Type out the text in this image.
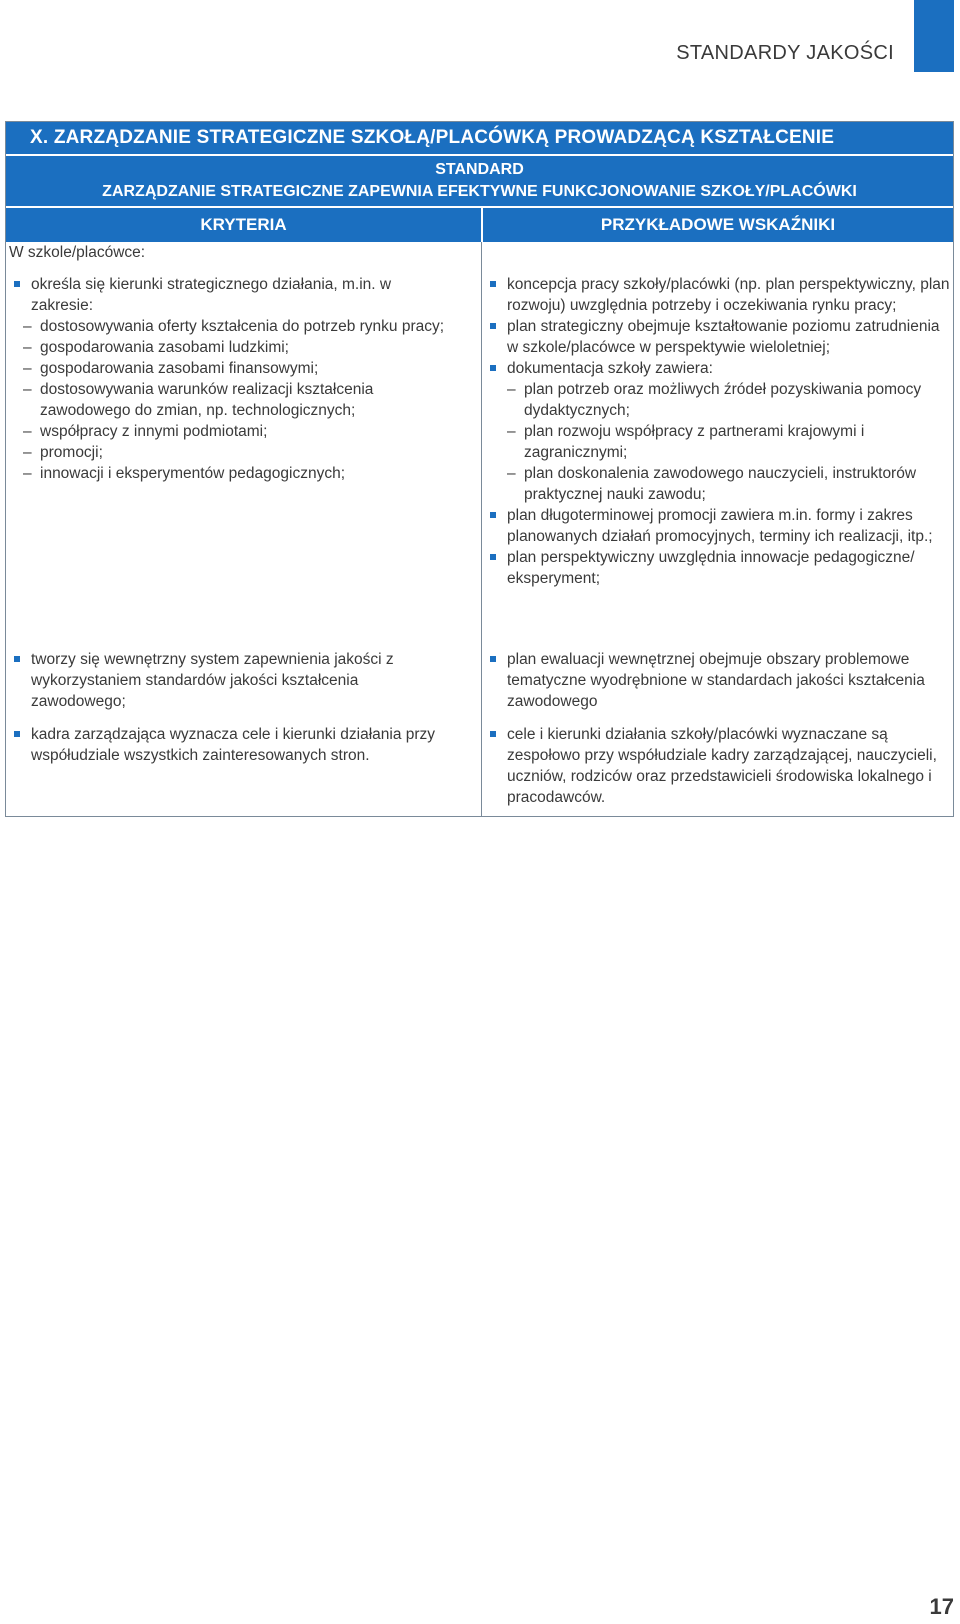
STANDARDY JAKOŚCI
X. ZARZĄDZANIE STRATEGICZNE SZKOŁĄ/PLACÓWKĄ PROWADZĄCĄ KSZTAŁCENIE
STANDARD
ZARZĄDZANIE STRATEGICZNE ZAPEWNIA EFEKTYWNE FUNKCJONOWANIE SZKOŁY/PLACÓWKI
KRYTERIA	PRZYKŁADOWE WSKAŹNIKI
W szkole/placówce:
określa się kierunki strategicznego działania, m.in. w zakresie:
– dostosowywania oferty kształcenia do potrzeb rynku pracy;
– gospodarowania zasobami ludzkimi;
– gospodarowania zasobami finansowymi;
– dostosowywania warunków realizacji kształcenia zawodowego do zmian, np. technologicznych;
– współpracy z innymi podmiotami;
– promocji;
– innowacji i eksperymentów pedagogicznych;
tworzy się wewnętrzny system zapewnienia jakości z wykorzystaniem standardów jakości kształcenia zawodowego;
kadra zarządzająca wyznacza cele i kierunki działania przy współudziale wszystkich zainteresowanych stron.
koncepcja pracy szkoły/placówki (np. plan perspektywiczny, plan rozwoju) uwzględnia potrzeby i oczekiwania rynku pracy;
plan strategiczny obejmuje kształtowanie poziomu zatrudnienia w szkole/placówce w perspektywie wieloletniej;
dokumentacja szkoły zawiera:
– plan potrzeb oraz możliwych źródeł pozyskiwania pomocy dydaktycznych;
– plan rozwoju współpracy z partnerami krajowymi i zagranicznymi;
– plan doskonalenia zawodowego nauczycieli, instruktorów praktycznej nauki zawodu;
plan długoterminowej promocji zawiera m.in. formy i zakres planowanych działań promocyjnych, terminy ich realizacji, itp.;
plan perspektywiczny uwzględnia innowacje pedagogiczne/ eksperyment;
plan ewaluacji wewnętrznej obejmuje obszary problemowe tematyczne wyodrębnione w standardach jakości kształcenia zawodowego
cele i kierunki działania szkoły/placówki wyznaczane są zespołowo przy współudziale kadry zarządzającej, nauczycieli, uczniów, rodziców oraz przedstawicieli środowiska lokalnego i pracodawców.
17
